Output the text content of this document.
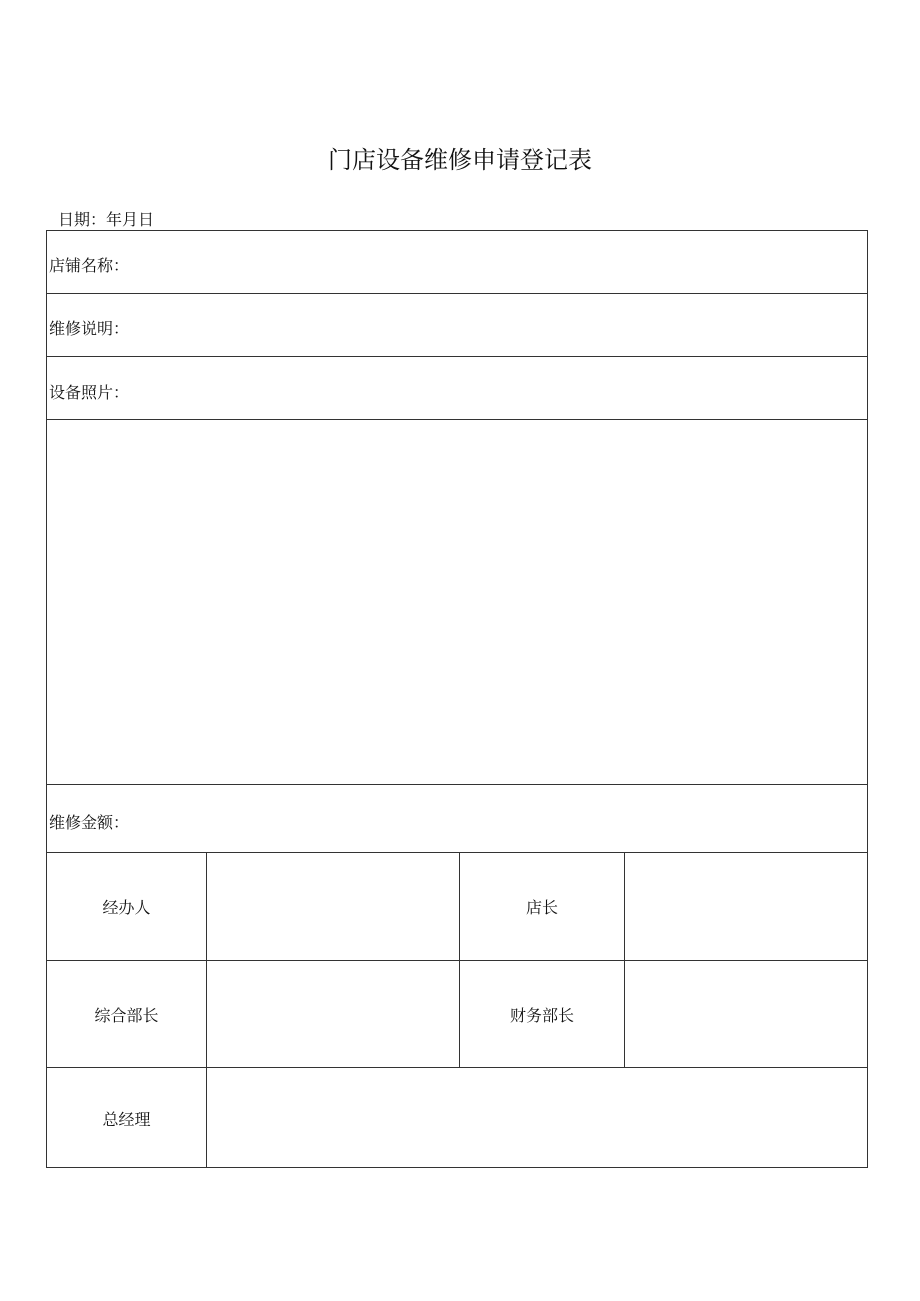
门店设备维修申请登记表
日期：年月日
店铺名称：
维修说明：
设备照片：
维修金额：
经办人	店长
综合部长	财务部长
总经理
